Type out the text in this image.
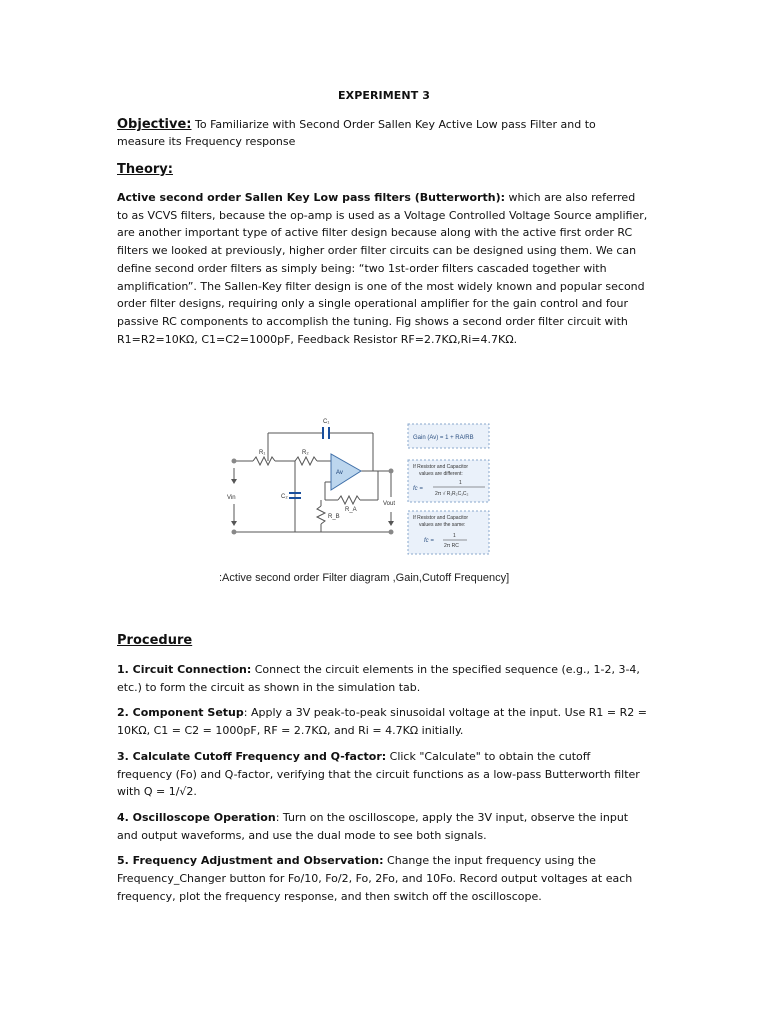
EXPERIMENT 3
Objective: To Familiarize with Second Order Sallen Key Active Low pass Filter and to measure its Frequency response
Theory:
Active second order Sallen Key Low pass filters (Butterworth): which are also referred to as VCVS filters, because the op-amp is used as a Voltage Controlled Voltage Source amplifier, are another important type of active filter design because along with the active first order RC filters we looked at previously, higher order filter circuits can be designed using them. We can define second order filters as simply being: “two 1st-order filters cascaded together with amplification”. The Sallen-Key filter design is one of the most widely known and popular second order filter designs, requiring only a single operational amplifier for the gain control and four passive RC components to accomplish the tuning. Fig shows a second order filter circuit with R1=R2=10KΩ, C1=C2=1000pF, Feedback Resistor RF=2.7KΩ,Ri=4.7KΩ.
C₁
R₁	R₂
C₂
Av
Vin
Vout
R_B
R_A
Gain (Av) = 1 + RA/RB
If Resistor and Capacitor
values are different:
fc =
1
2π √ R₁R₂C₁C₂
If Resistor and Capacitor
values are the same:
fc =
1
2π RC
:Active second order Filter diagram ,Gain,Cutoff Frequency]
Procedure
1. Circuit Connection: Connect the circuit elements in the specified sequence (e.g., 1-2, 3-4, etc.) to form the circuit as shown in the simulation tab.
2. Component Setup: Apply a 3V peak-to-peak sinusoidal voltage at the input. Use R1 = R2 = 10KΩ, C1 = C2 = 1000pF, RF = 2.7KΩ, and Ri = 4.7KΩ initially.
3. Calculate Cutoff Frequency and Q-factor: Click "Calculate" to obtain the cutoff frequency (Fo) and Q-factor, verifying that the circuit functions as a low-pass Butterworth filter with Q = 1/√2.
4. Oscilloscope Operation: Turn on the oscilloscope, apply the 3V input, observe the input and output waveforms, and use the dual mode to see both signals.
5. Frequency Adjustment and Observation: Change the input frequency using the Frequency_Changer button for Fo/10, Fo/2, Fo, 2Fo, and 10Fo. Record output voltages at each frequency, plot the frequency response, and then switch off the oscilloscope.
